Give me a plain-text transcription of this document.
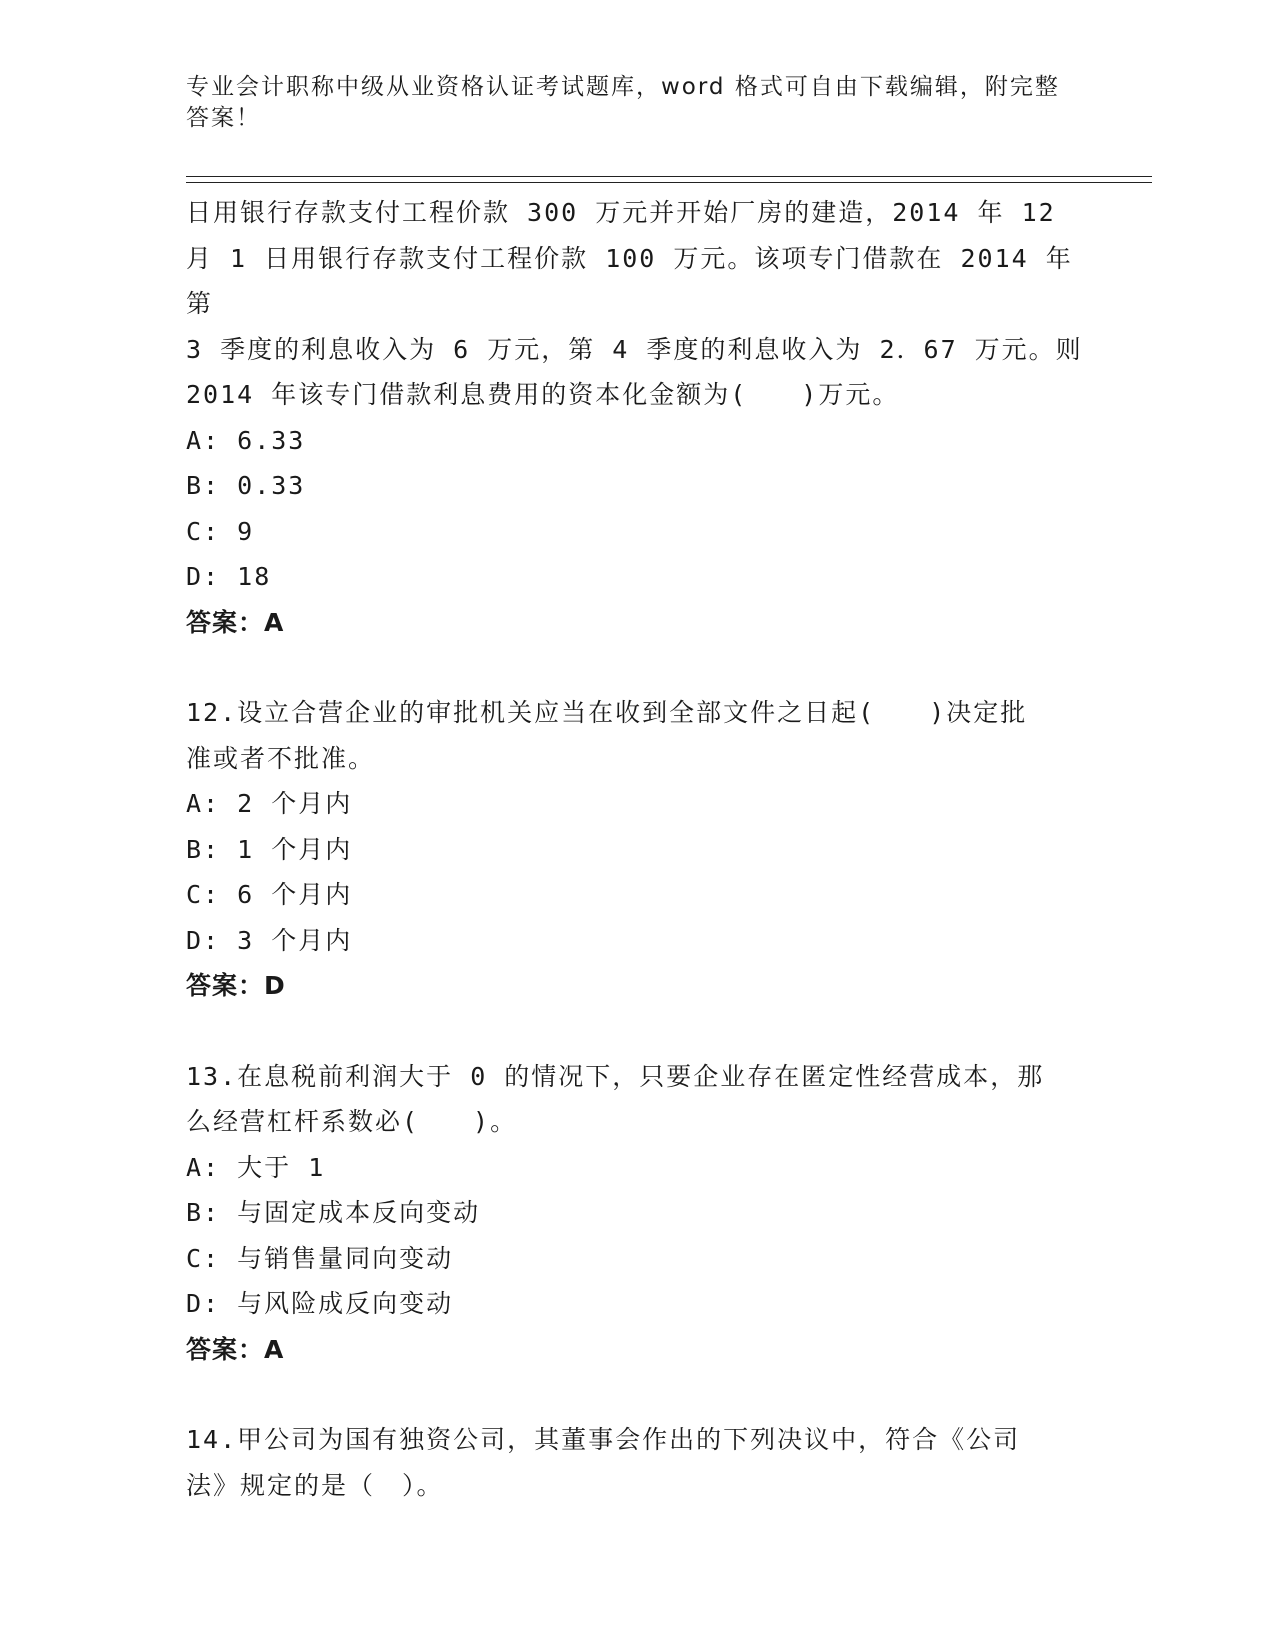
专业会计职称中级从业资格认证考试题库，word 格式可自由下载编辑，附完整答案！

日用银行存款支付工程价款 300 万元并开始厂房的建造，2014 年 12

月 1 日用银行存款支付工程价款 100 万元。该项专门借款在 2014 年第

3 季度的利息收入为 6 万元，第 4 季度的利息收入为 2．67 万元。则

2014 年该专门借款利息费用的资本化金额为(　　)万元。

A: 6.33

B: 0.33

C: 9

D: 18

答案：A

12.设立合营企业的审批机关应当在收到全部文件之日起(　　)决定批

准或者不批准。

A: 2 个月内

B: 1 个月内

C: 6 个月内

D: 3 个月内

答案：D

13.在息税前利润大于 0 的情况下，只要企业存在匿定性经营成本，那

么经营杠杆系数必(　　)。

A: 大于 1

B: 与固定成本反向变动

C: 与销售量同向变动

D: 与风险成反向变动

答案：A

14.甲公司为国有独资公司，其董事会作出的下列决议中，符合《公司

法》规定的是（　）。
